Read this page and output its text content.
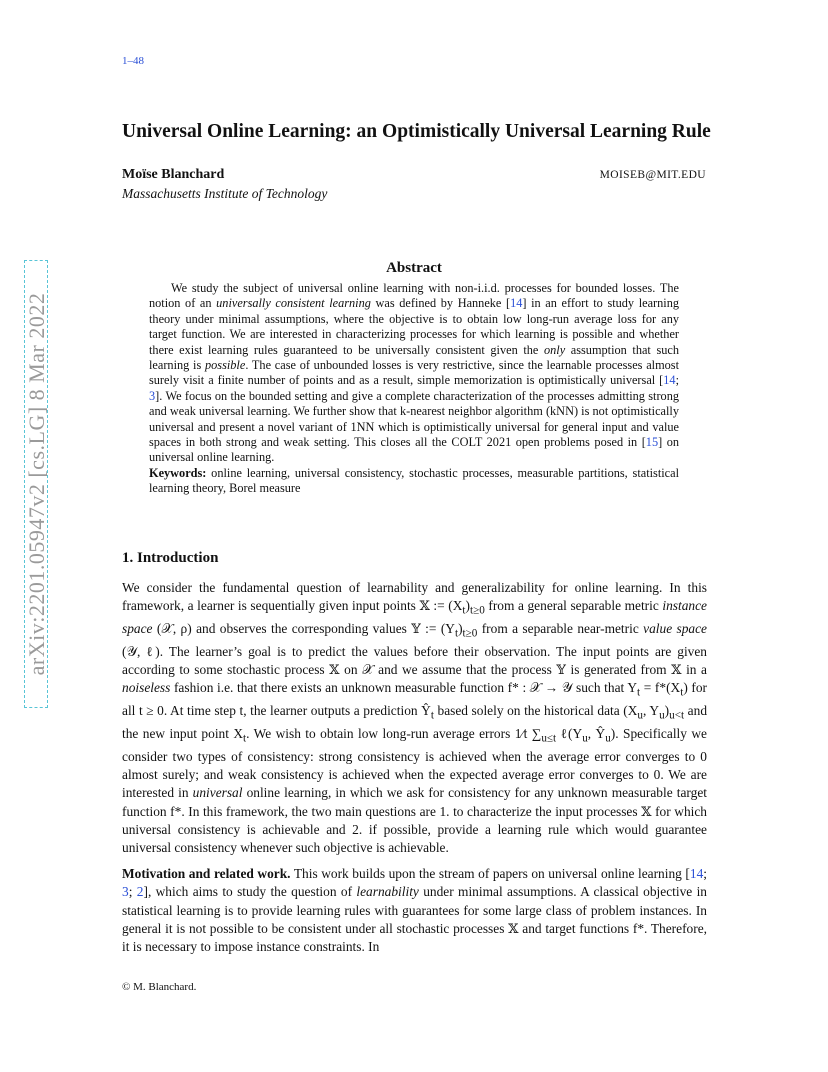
1–48
arXiv:2201.05947v2 [cs.LG] 8 Mar 2022
Universal Online Learning: an Optimistically Universal Learning Rule
Moïse Blanchard	MOISEB@MIT.EDU
Massachusetts Institute of Technology
Abstract

We study the subject of universal online learning with non-i.i.d. processes for bounded losses. The notion of an universally consistent learning was defined by Hanneke [14] in an effort to study learning theory under minimal assumptions, where the objective is to obtain low long-run average loss for any target function. We are interested in characterizing processes for which learning is possible and whether there exist learning rules guaranteed to be universally consistent given the only assumption that such learning is possible. The case of unbounded losses is very restrictive, since the learnable processes almost surely visit a finite number of points and as a result, simple memorization is optimistically universal [14; 3]. We focus on the bounded setting and give a complete characterization of the processes admitting strong and weak universal learning. We further show that k-nearest neighbor algorithm (kNN) is not optimistically universal and present a novel variant of 1NN which is optimistically universal for general input and value spaces in both strong and weak setting. This closes all the COLT 2021 open problems posed in [15] on universal online learning.

Keywords: online learning, universal consistency, stochastic processes, measurable partitions, statistical learning theory, Borel measure

1. Introduction

We consider the fundamental question of learnability and generalizability for online learning. In this framework, a learner is sequentially given input points 𝕏 := $(X_t)_{t\ge 0}$ from a general separable metric instance space (𝒳, ρ) and observes the corresponding values 𝕐 := $(Y_t)_{t\ge 0}$ from a separable near-metric value space (𝒴, ℓ). The learner’s goal is to predict the values before their observation. The input points are given according to some stochastic process 𝕏 on 𝒳 and we assume that the process 𝕐 is generated from 𝕏 in a noiseless fashion i.e. that there exists an unknown measurable function f* : 𝒳 → 𝒴 such that $Y_t = f*(X_t)$ for all t ≥ 0. At time step t, the learner outputs a prediction $Ŷ_t$ based solely on the historical data ($X_u$, $Y_u)_{u<t}$ and the new input point $X_t$. We wish to obtain low long-run average errors 1⁄t $\sum_{u\le t}$ $\ell(Y_u$, $Ŷ_u$). Specifically we consider two types of consistency: strong consistency is achieved when the average error converges to 0 almost surely; and weak consistency is achieved when the expected average error converges to 0. We are interested in universal online learning, in which we ask for consistency for any unknown measurable target function f*. In this framework, the two main questions are 1. to characterize the input processes 𝕏 for which universal consistency is achievable and 2. if possible, provide a learning rule which would guarantee universal consistency whenever such objective is achievable.

Motivation and related work. This work builds upon the stream of papers on universal online learning [14; 3; 2], which aims to study the question of learnability under minimal assumptions. A classical objective in statistical learning is to provide learning rules with guarantees for some large class of problem instances. In general it is not possible to be consistent under all stochastic processes 𝕏 and target functions f*. Therefore, it is necessary to impose instance constraints. In

© M. Blanchard.
